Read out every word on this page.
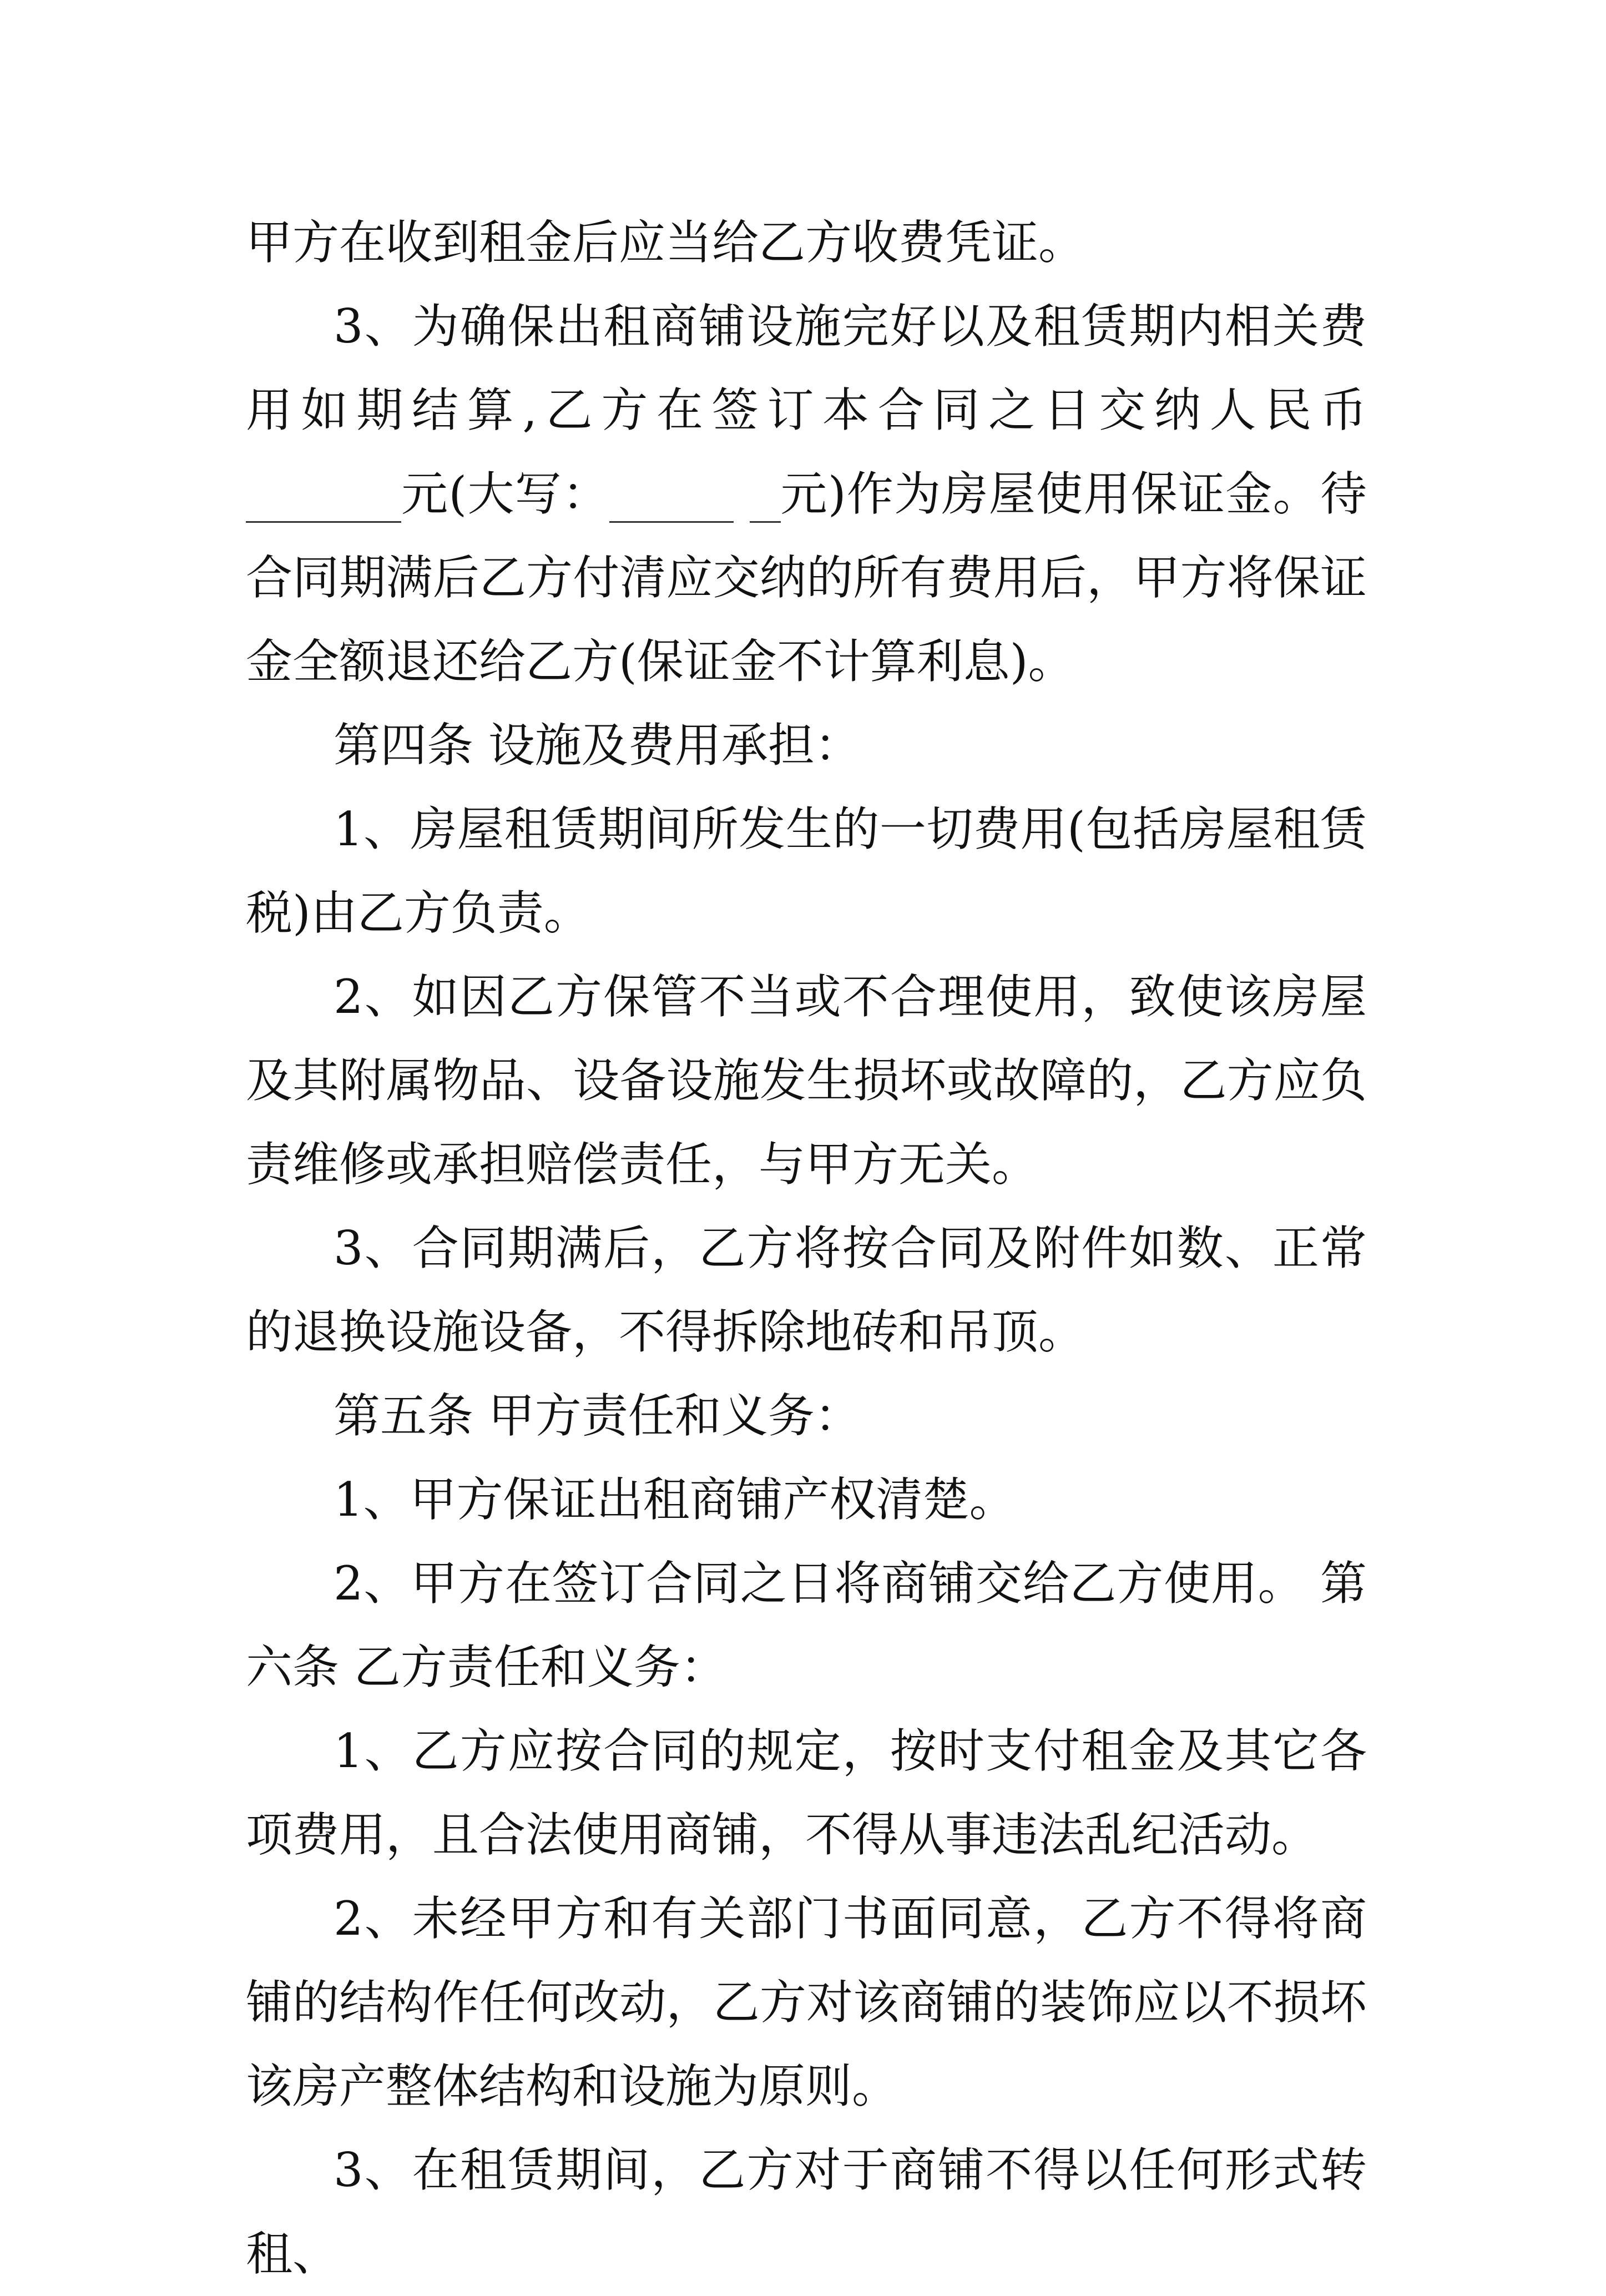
甲方在收到租金后应当给乙方收费凭证。

3、为确保出租商铺设施完好以及租赁期内相关费用如期结算,乙方在签订本合同之日交纳人民币          元(大写：	元)作为房屋使用保证金。待合同期满后乙方付清应交纳的所有费用后，甲方将保证金全额退还给乙方(保证金不计算利息)。

第四条 设施及费用承担：

1、房屋租赁期间所发生的一切费用(包括房屋租赁税)由乙方负责。

2、如因乙方保管不当或不合理使用，致使该房屋及其附属物品、设备设施发生损坏或故障的，乙方应负责维修或承担赔偿责任，与甲方无关。

3、合同期满后，乙方将按合同及附件如数、正常的退换设施设备，不得拆除地砖和吊顶。

第五条 甲方责任和义务：

1、甲方保证出租商铺产权清楚。

2、甲方在签订合同之日将商铺交给乙方使用。 第六条 乙方责任和义务：

1、乙方应按合同的规定，按时支付租金及其它各项费用，且合法使用商铺，不得从事违法乱纪活动。

2、未经甲方和有关部门书面同意，乙方不得将商铺的结构作任何改动，乙方对该商铺的装饰应以不损坏该房产整体结构和设施为原则。

3、在租赁期间，乙方对于商铺不得以任何形式转租、
